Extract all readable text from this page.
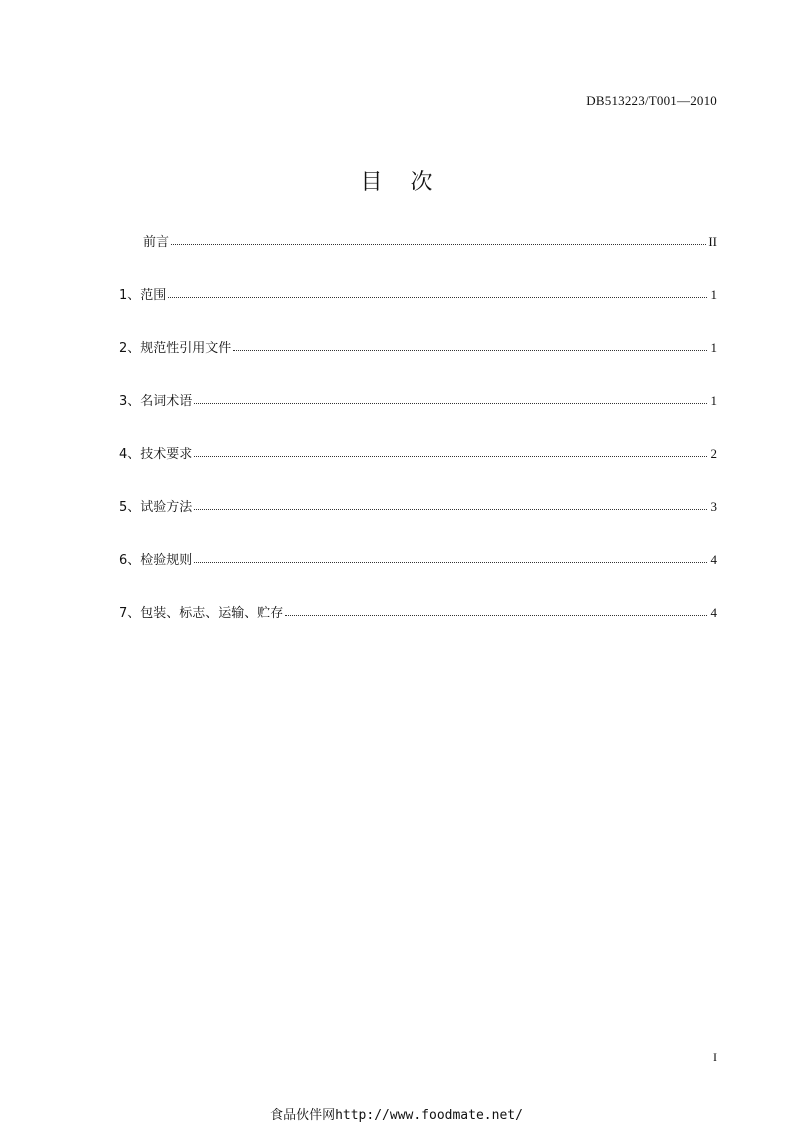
DB513223/T001—2010
目    次
前言	II
1、范围	1
2、规范性引用文件	1
3、名词术语	1
4、技术要求	2
5、试验方法	3
6、检验规则	4
7、包装、标志、运输、贮存	4
I
食品伙伴网http://www.foodmate.net/
